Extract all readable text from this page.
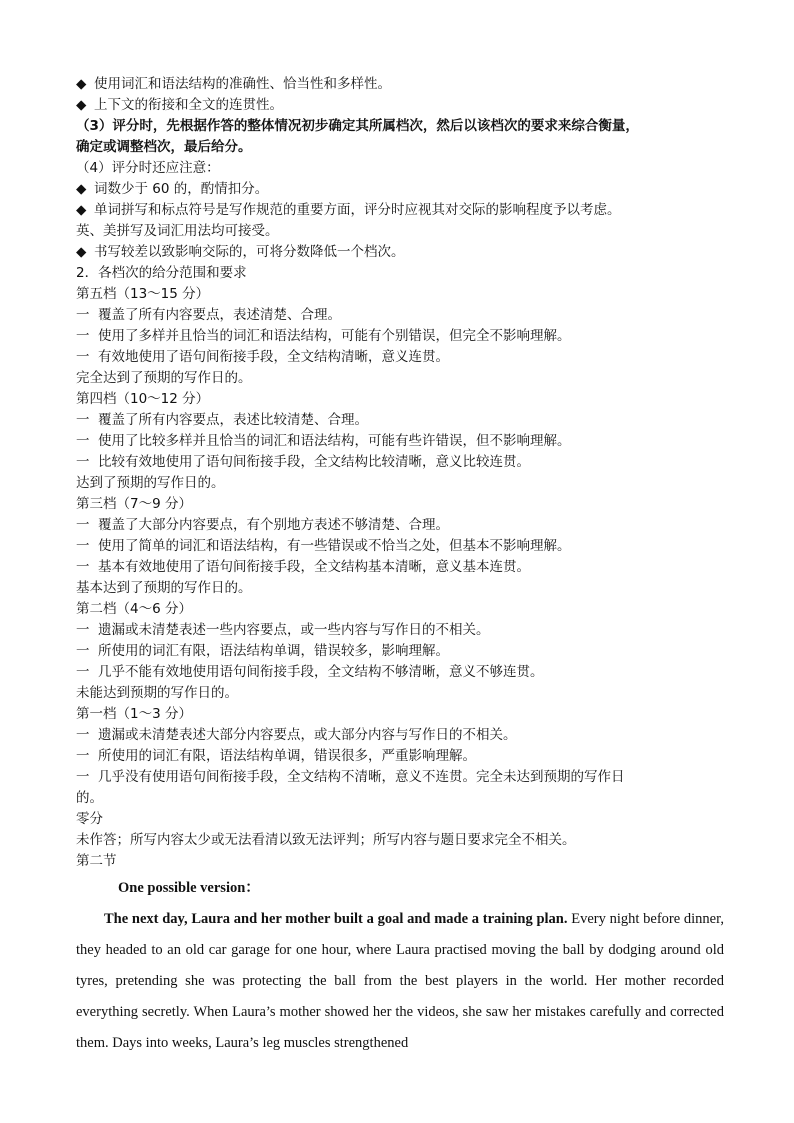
◆ 使用词汇和语法结构的准确性、恰当性和多样性。
◆ 上下文的衔接和全文的连贯性。
（3）评分时，先根据作答的整体情况初步确定其所属档次，然后以该档次的要求来综合衡量，
确定或调整档次，最后给分。
（4）评分时还应注意：
◆ 词数少于 60 的，酌情扣分。
◆ 单词拼写和标点符号是写作规范的重要方面，评分时应视其对交际的影响程度予以考虑。
英、美拼写及词汇用法均可接受。
◆ 书写较差以致影响交际的，可将分数降低一个档次。
2．各档次的给分范围和要求
第五档（13～15 分）
一 覆盖了所有内容要点，表述清楚、合理。
一 使用了多样并且恰当的词汇和语法结构，可能有个别错误，但完全不影响理解。
一 有效地使用了语句间衔接手段，全文结构清晰，意义连贯。
完全达到了预期的写作日的。
第四档（10～12 分）
一 覆盖了所有内容要点，表述比较清楚、合理。
一 使用了比较多样并且恰当的词汇和语法结构，可能有些许错误，但不影响理解。
一 比较有效地使用了语句间衔接手段，全文结构比较清晰，意义比较连贯。
达到了预期的写作日的。
第三档（7～9 分）
一 覆盖了大部分内容要点，有个别地方表述不够清楚、合理。
一 使用了简单的词汇和语法结构，有一些错误或不恰当之处，但基本不影响理解。
一 基本有效地使用了语句间衔接手段，全文结构基本清晰，意义基本连贯。
基本达到了预期的写作日的。
第二档（4～6 分）
一 遗漏或未清楚表述一些内容要点，或一些内容与写作日的不相关。
一 所使用的词汇有限，语法结构单调，错误较多，影响理解。
一 几乎不能有效地使用语句间衔接手段，全文结构不够清晰，意义不够连贯。
未能达到预期的写作日的。
第一档（1～3 分）
一 遗漏或未清楚表述大部分内容要点，或大部分内容与写作日的不相关。
一 所使用的词汇有限，语法结构单调，错误很多，严重影响理解。
一 几乎没有使用语句间衔接手段，全文结构不清晰，意义不连贯。完全未达到预期的写作日
的。
零分
未作答；所写内容太少或无法看清以致无法评判；所写内容与题日要求完全不相关。
第二节
One possible version：
The next day, Laura and her mother built a goal and made a training plan. Every night before dinner, they headed to an old car garage for one hour, where Laura practised moving the ball by dodging around old tyres, pretending she was protecting the ball from the best players in the world. Her mother recorded everything secretly. When Laura’s mother showed her the videos, she saw her mistakes carefully and corrected them. Days into weeks, Laura’s leg muscles strengthened
